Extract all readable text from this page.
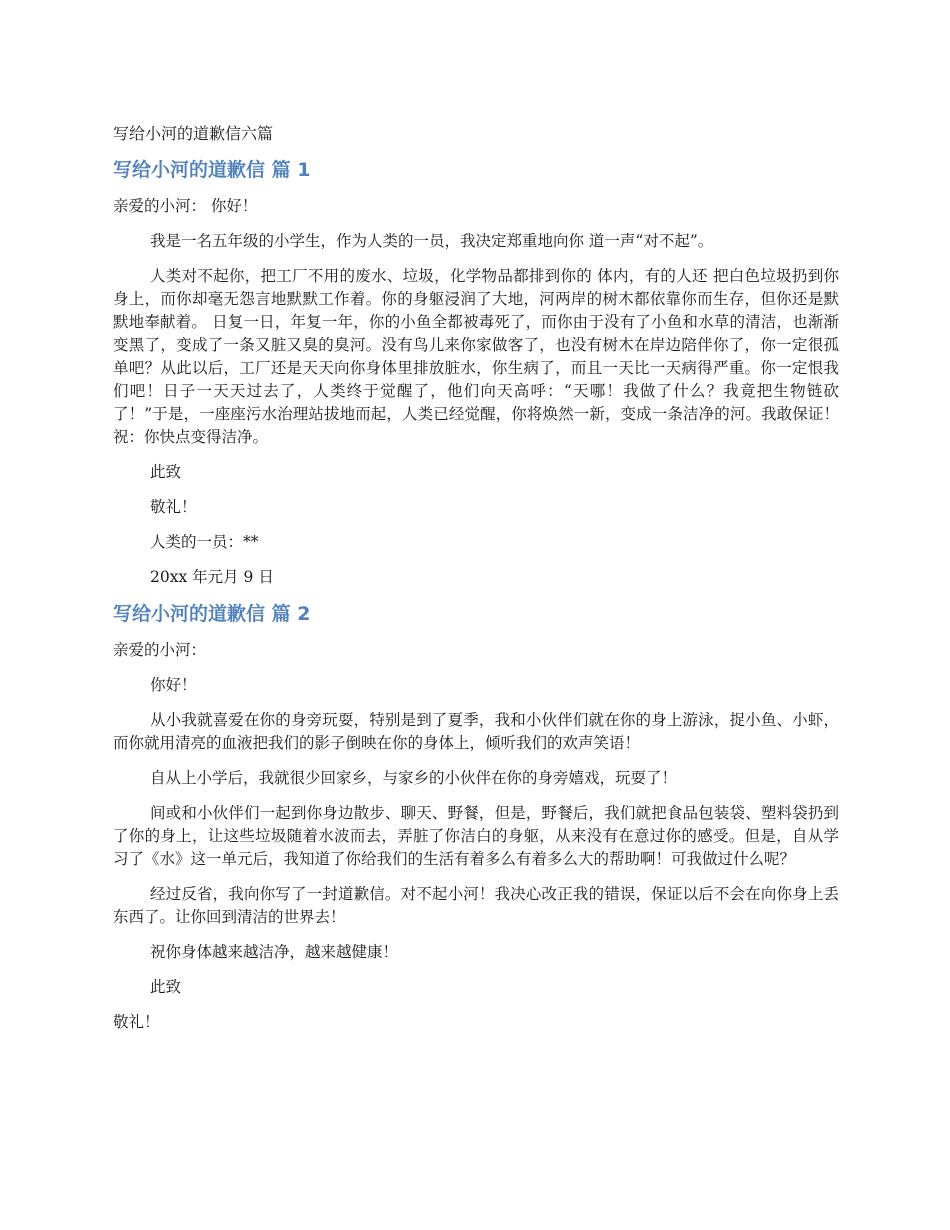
写给小河的道歉信六篇
写给小河的道歉信 篇 1

亲爱的小河： 你好！

我是一名五年级的小学生，作为人类的一员，我决定郑重地向你 道一声“对不起”。

人类对不起你，把工厂不用的废水、垃圾，化学物品都排到你的 体内，有的人还 把白色垃圾扔到你身上，而你却毫无怨言地默默工作着。你的身躯浸润了大地，河两岸的树木都依靠你而生存，但你还是默默地奉献着。 日复一日，年复一年，你的小鱼全都被毒死了，而你由于没有了小鱼和水草的清洁，也渐渐变黑了，变成了一条又脏又臭的臭河。没有鸟儿来你家做客了，也没有树木在岸边陪伴你了，你一定很孤单吧？从此以后，工厂还是天天向你身体里排放脏水，你生病了，而且一天比一天病得严重。你一定恨我们吧！日子一天天过去了，人类终于觉醒了，他们向天高呼：“天哪！我做了什么？我竟把生物链砍了！”于是，一座座污水治理站拔地而起，人类已经觉醒，你将焕然一新，变成一条洁净的河。我敢保证！ 祝：你快点变得洁净。

此致

敬礼！

人类的一员：**

20xx 年元月 9 日

写给小河的道歉信 篇 2

亲爱的小河：

你好！

从小我就喜爱在你的身旁玩耍，特别是到了夏季，我和小伙伴们就在你的身上游泳，捉小鱼、小虾，而你就用清亮的血液把我们的影子倒映在你的身体上，倾听我们的欢声笑语！

自从上小学后，我就很少回家乡，与家乡的小伙伴在你的身旁嬉戏，玩耍了！

间或和小伙伴们一起到你身边散步、聊天、野餐，但是，野餐后，我们就把食品包装袋、塑料袋扔到了你的身上，让这些垃圾随着水波而去，弄脏了你洁白的身躯，从来没有在意过你的感受。但是，自从学习了《水》这一单元后，我知道了你给我们的生活有着多么有着多么大的帮助啊！可我做过什么呢？

经过反省，我向你写了一封道歉信。对不起小河！我决心改正我的错误，保证以后不会在向你身上丢东西了。让你回到清洁的世界去！

祝你身体越来越洁净，越来越健康！

此致

敬礼！
